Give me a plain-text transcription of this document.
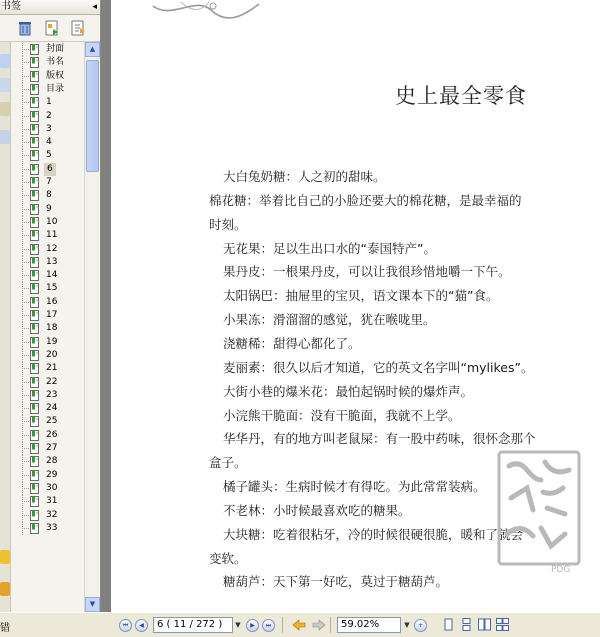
书签	◂
封面
书名
版权
目录
1
2
3
4
5
6
7
8
9
10
11
12
13
14
15
16
17
18
19
20
21
22
23
24
25
26
27
28
29
30
31
32
33
▲
▼
史上最全零食
大白兔奶糖：人之初的甜味。
棉花糖：举着比自己的小脸还要大的棉花糖，是最幸福的
时刻。
无花果：足以生出口水的“泰国特产”。
果丹皮：一根果丹皮，可以让我很珍惜地嚼一下午。
太阳锅巴：抽屉里的宝贝，语文课本下的“猫”食。
小果冻：滑溜溜的感觉，犹在喉咙里。
浇糖稀：甜得心都化了。
麦丽素：很久以后才知道，它的英文名字叫“mylikes”。
大街小巷的爆米花：最怕起锅时候的爆炸声。
小浣熊干脆面：没有干脆面，我就不上学。
华华丹，有的地方叫老鼠屎：有一股中药味，很怀念那个
盒子。
橘子罐头：生病时候才有得吃。为此常常装病。
不老林：小时候最喜欢吃的糖果。
大块糖：吃着很粘牙，冷的时候很硬很脆，暖和了就会
变软。
糖葫芦：天下第一好吃，莫过于糖葫芦。
PDG
错	⏮	◀	6 ( 11 / 272 )	▼	▶	⏭	59.02%	▼	+
